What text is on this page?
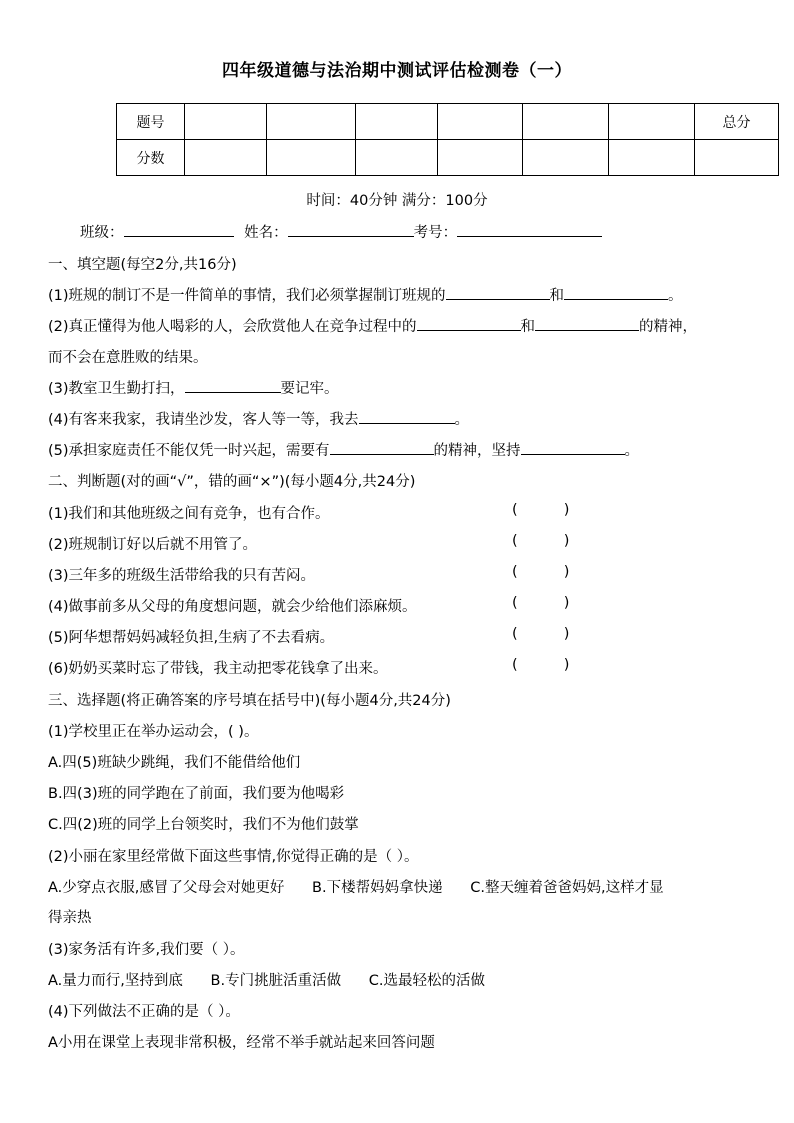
四年级道德与法治期中测试评估检测卷（一）
题号							总分
分数							
时间：40分钟 满分：100分
班级：	姓名：	考号：
一、填空题(每空2分,共16分)
(1)班规的制订不是一件简单的事情，我们必须掌握制订班规的	和	。
(2)真正懂得为他人喝彩的人，会欣赏他人在竞争过程中的	和	的精神，
而不会在意胜败的结果。
(3)教室卫生勤打扫，	要记牢。
(4)有客来我家，我请坐沙发，客人等一等，我去	。
(5)承担家庭责任不能仅凭一时兴起，需要有	的精神，坚持	。
二、判断题(对的画“√”，错的画“×”)(每小题4分,共24分)
(1)我们和其他班级之间有竞争，也有合作。	(          )
(2)班规制订好以后就不用管了。	(          )
(3)三年多的班级生活带给我的只有苦闷。	(          )
(4)做事前多从父母的角度想问题，就会少给他们添麻烦。	(          )
(5)阿华想帮妈妈减轻负担,生病了不去看病。	(          )
(6)奶奶买菜时忘了带钱，我主动把零花钱拿了出来。	(          )
三、选择题(将正确答案的序号填在括号中)(每小题4分,共24分)
(1)学校里正在举办运动会，( )。
A.四(5)班缺少跳绳，我们不能借给他们
B.四(3)班的同学跑在了前面，我们要为他喝彩
C.四(2)班的同学上台领奖时，我们不为他们鼓掌
(2)小丽在家里经常做下面这些事情,你觉得正确的是（ ）。
A.少穿点衣服,感冒了父母会对她更好      B.下楼帮妈妈拿快递      C.整天缠着爸爸妈妈,这样才显
得亲热
(3)家务活有许多,我们要（ ）。
A.量力而行,坚持到底      B.专门挑脏活重活做      C.选最轻松的活做
(4)下列做法不正确的是（ ）。
A小用在课堂上表现非常积极，经常不举手就站起来回答问题
